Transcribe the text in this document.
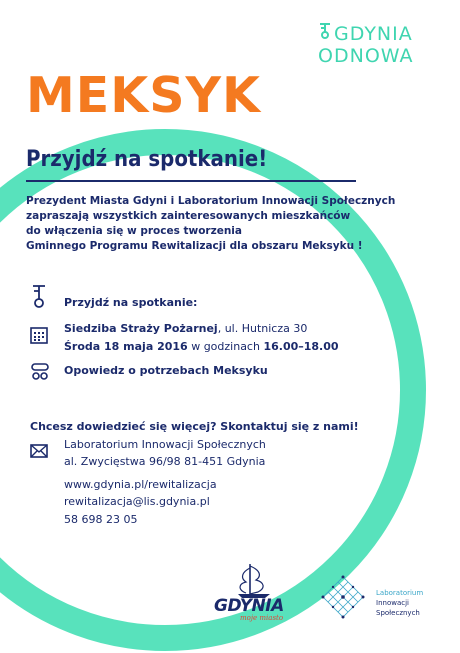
GDYNIA
ODNOWA
MEKSYK
Przyjdź na spotkanie!
Prezydent Miasta Gdyni i Laboratorium Innowacji Społecznych
zapraszają wszystkich zainteresowanych mieszkańców
do włączenia się w proces tworzenia
Gminnego Programu Rewitalizacji dla obszaru Meksyku !
Przyjdź na spotkanie:
Siedziba Straży Pożarnej, ul. Hutnicza 30
Środa 18 maja 2016 w godzinach 16.00–18.00
Opowiedz o potrzebach Meksyku
Chcesz dowiedzieć się więcej? Skontaktuj się z nami!
Laboratorium Innowacji Społecznych
al. Zwycięstwa 96/98 81-451 Gdynia
www.gdynia.pl/rewitalizacja
rewitalizacja@lis.gdynia.pl
58 698 23 05
GDYNIA
moje miasto
Laboratorium
Innowacji
Społecznych
